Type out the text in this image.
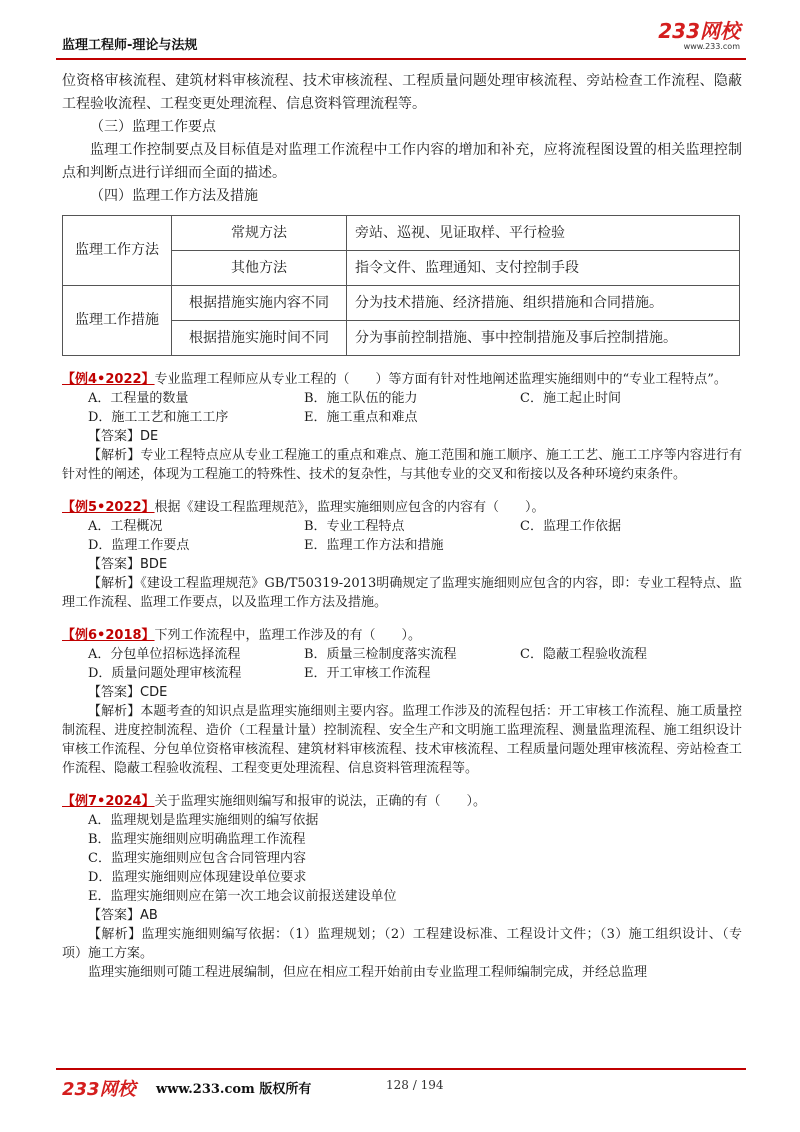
监理工程师-理论与法规
233网校
www.233.com

位资格审核流程、建筑材料审核流程、技术审核流程、工程质量问题处理审核流程、旁站检查工作流程、隐蔽工程验收流程、工程变更处理流程、信息资料管理流程等。

（三）监理工作要点

监理工作控制要点及目标值是对监理工作流程中工作内容的增加和补充，应将流程图设置的相关监理控制点和判断点进行详细而全面的描述。

（四）监理工作方法及措施

监理工作方法	常规方法	旁站、巡视、见证取样、平行检验
	其他方法	指令文件、监理通知、支付控制手段
监理工作措施	根据措施实施内容不同	分为技术措施、经济措施、组织措施和合同措施。
	根据措施实施时间不同	分为事前控制措施、事中控制措施及事后控制措施。

【例4•2022】专业监理工程师应从专业工程的（　　）等方面有针对性地阐述监理实施细则中的“专业工程特点”。

A．工程量的数量	B．施工队伍的能力	C．施工起止时间
D．施工工艺和施工工序	E．施工重点和难点

【答案】DE

【解析】专业工程特点应从专业工程施工的重点和难点、施工范围和施工顺序、施工工艺、施工工序等内容进行有针对性的阐述，体现为工程施工的特殊性、技术的复杂性，与其他专业的交叉和衔接以及各种环境约束条件。

【例5•2022】根据《建设工程监理规范》，监理实施细则应包含的内容有（　　）。

A．工程概况	B．专业工程特点	C．监理工作依据
D．监理工作要点	E．监理工作方法和措施

【答案】BDE

【解析】《建设工程监理规范》GB/T50319-2013明确规定了监理实施细则应包含的内容，即：专业工程特点、监理工作流程、监理工作要点，以及监理工作方法及措施。

【例6•2018】下列工作流程中，监理工作涉及的有（　　）。

A．分包单位招标选择流程	B．质量三检制度落实流程	C．隐蔽工程验收流程
D．质量问题处理审核流程	E．开工审核工作流程

【答案】CDE

【解析】本题考查的知识点是监理实施细则主要内容。监理工作涉及的流程包括：开工审核工作流程、施工质量控制流程、进度控制流程、造价（工程量计量）控制流程、安全生产和文明施工监理流程、测量监理流程、施工组织设计审核工作流程、分包单位资格审核流程、建筑材料审核流程、技术审核流程、工程质量问题处理审核流程、旁站检查工作流程、隐蔽工程验收流程、工程变更处理流程、信息资料管理流程等。

【例7•2024】关于监理实施细则编写和报审的说法，正确的有（　　）。

A．监理规划是监理实施细则的编写依据

B．监理实施细则应明确监理工作流程

C．监理实施细则应包含合同管理内容

D．监理实施细则应体现建设单位要求

E．监理实施细则应在第一次工地会议前报送建设单位

【答案】AB

【解析】监理实施细则编写依据：（1）监理规划；（2）工程建设标准、工程设计文件；（3）施工组织设计、（专项）施工方案。

监理实施细则可随工程进展编制，但应在相应工程开始前由专业监理工程师编制完成，并经总监理

233网校 www.233.com 版权所有	128 / 194
